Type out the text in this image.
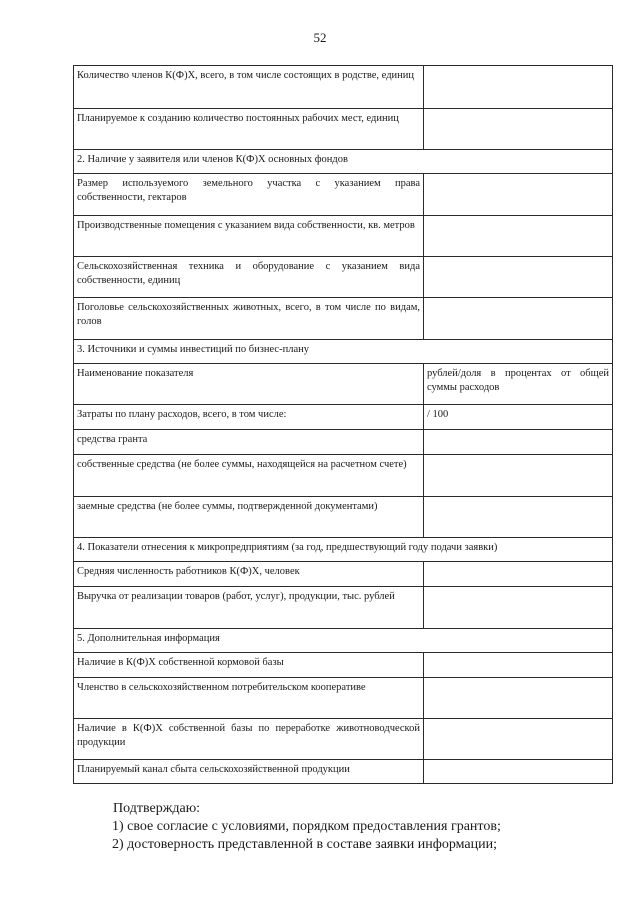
52
Количество членов К(Ф)Х, всего, в том числе состоящих в родстве, единиц	
Планируемое к созданию количество постоянных рабочих мест, единиц	
2. Наличие у заявителя или членов К(Ф)Х основных фондов	
Размер используемого земельного участка с указанием права собственности, гектаров	
Производственные помещения с указанием вида собственности, кв. метров	
Сельскохозяйственная техника и оборудование с указанием вида собственности, единиц	
Поголовье сельскохозяйственных животных, всего, в том числе по видам, голов	
3. Источники и суммы инвестиций по бизнес-плану	
Наименование показателя	рублей/доля в процентах от общей суммы расходов
Затраты по плану расходов, всего, в том числе:	/ 100
средства гранта	
собственные средства (не более суммы, находящейся на расчетном счете)	
заемные средства (не более суммы, подтвержденной документами)	
4. Показатели отнесения к микропредприятиям (за год, предшествующий году подачи заявки)	
Средняя численность работников К(Ф)Х, человек	
Выручка от реализации товаров (работ, услуг), продукции, тыс. рублей	
5. Дополнительная информация	
Наличие в К(Ф)Х собственной кормовой базы	
Членство в сельскохозяйственном потребительском кооперативе	
Наличие в К(Ф)Х собственной базы по переработке животноводческой продукции	
Планируемый канал сбыта сельскохозяйственной продукции	
Подтверждаю:
1) свое согласие с условиями, порядком предоставления грантов;
2) достоверность представленной в составе заявки информации;
